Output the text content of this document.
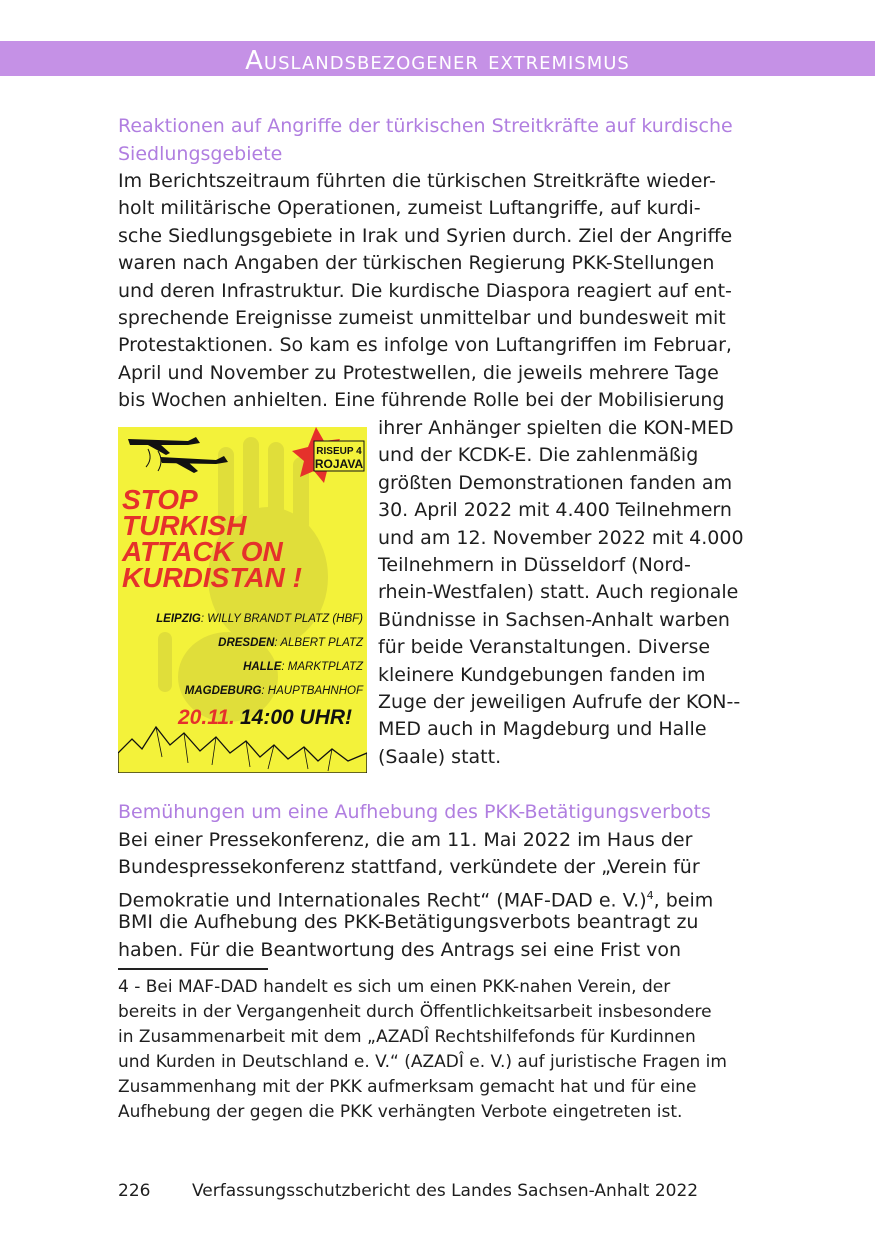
Auslandsbezogener extremismus
Reaktionen auf Angriffe der türkischen Streitkräfte auf kurdische
Siedlungsgebiete
Im Berichtszeitraum führten die türkischen Streitkräfte wieder-
holt militärische Operationen, zumeist Luftangriffe, auf kurdi-
sche Siedlungsgebiete in Irak und Syrien durch. Ziel der Angriffe
waren nach Angaben der türkischen Regierung PKK-Stellungen
und deren Infrastruktur. Die kurdische Diaspora reagiert auf ent-
sprechende Ereignisse zumeist unmittelbar und bundesweit mit
Protestaktionen. So kam es infolge von Luftangriffen im Februar,
April und November zu Protestwellen, die jeweils mehrere Tage
bis Wochen anhielten. Eine führende Rolle bei der Mobilisierung
RISEUP 4
ROJAVA
STOP
TURKISH
ATTACK ON
KURDISTAN !
LEIPZIG: WILLY BRANDT PLATZ (HBF)
DRESDEN: ALBERT PLATZ
HALLE: MARKTPLATZ
MAGDEBURG: HAUPTBAHNHOF
20.11. 14:00 UHR!
ihrer Anhänger spielten die KON-MED
und der KCDK-E. Die zahlenmäßig
größten Demonstrationen fanden am
30. April 2022 mit 4.400 Teilnehmern
und am 12. November 2022 mit 4.000
Teilnehmern in Düsseldorf (Nord-
rhein-Westfalen) statt. Auch regionale
Bündnisse in Sachsen-Anhalt warben
für beide Veranstaltungen. Diverse
kleinere Kundgebungen fanden im
Zuge der jeweiligen Aufrufe der KON--
MED auch in Magdeburg und Halle
(Saale) statt.
Bemühungen um eine Aufhebung des PKK-Betätigungsverbots
Bei einer Pressekonferenz, die am 11. Mai 2022 im Haus der
Bundespressekonferenz stattfand, verkündete der „Verein für
Demokratie und Internationales Recht“ (MAF-DAD e. V.)$^4$, beim
BMI die Aufhebung des PKK-Betätigungsverbots beantragt zu
haben. Für die Beantwortung des Antrags sei eine Frist von
4 - Bei MAF-DAD handelt es sich um einen PKK-nahen Verein, der
bereits in der Vergangenheit durch Öffentlichkeitsarbeit insbesondere
in Zusammenarbeit mit dem „AZADÎ Rechtshilfefonds für Kurdinnen
und Kurden in Deutschland e. V.“ (AZADÎ e. V.) auf juristische Fragen im
Zusammenhang mit der PKK aufmerksam gemacht hat und für eine
Aufhebung der gegen die PKK verhängten Verbote eingetreten ist.
226 Verfassungsschutzbericht des Landes Sachsen-Anhalt 2022
